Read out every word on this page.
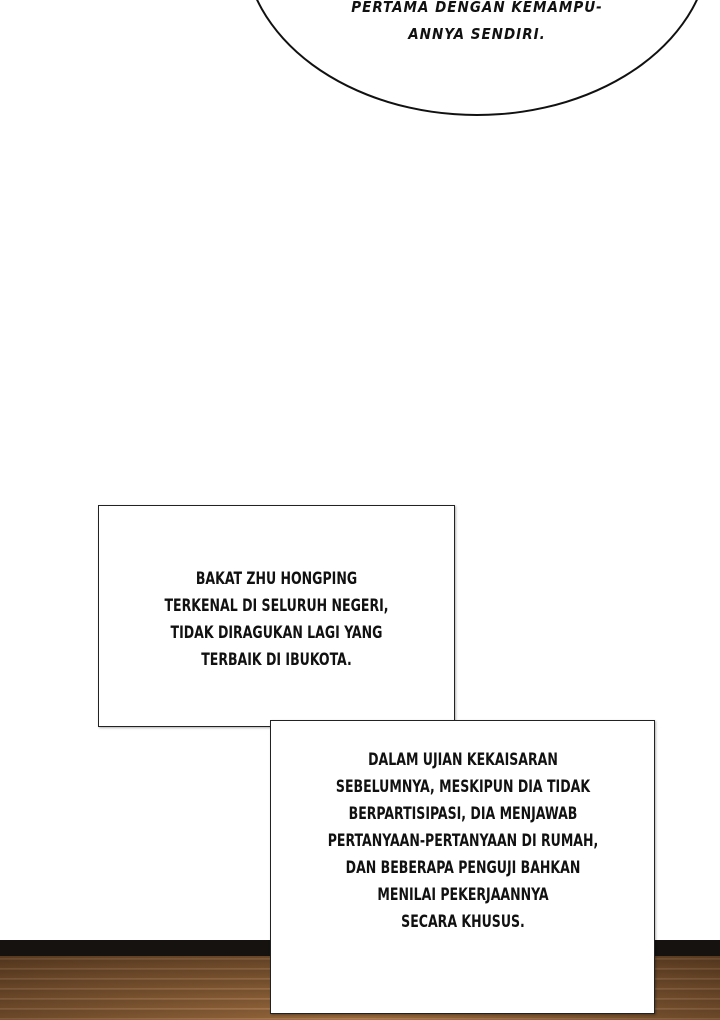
PERTAMA DENGAN KEMAMPU-
ANNYA SENDIRI.
BAKAT ZHU HONGPING
TERKENAL DI SELURUH NEGERI,
TIDAK DIRAGUKAN LAGI YANG
TERBAIK DI IBUKOTA.
DALAM UJIAN KEKAISARAN
SEBELUMNYA, MESKIPUN DIA TIDAK
BERPARTISIPASI, DIA MENJAWAB
PERTANYAAN-PERTANYAAN DI RUMAH,
DAN BEBERAPA PENGUJI BAHKAN
MENILAI PEKERJAANNYA
SECARA KHUSUS.
